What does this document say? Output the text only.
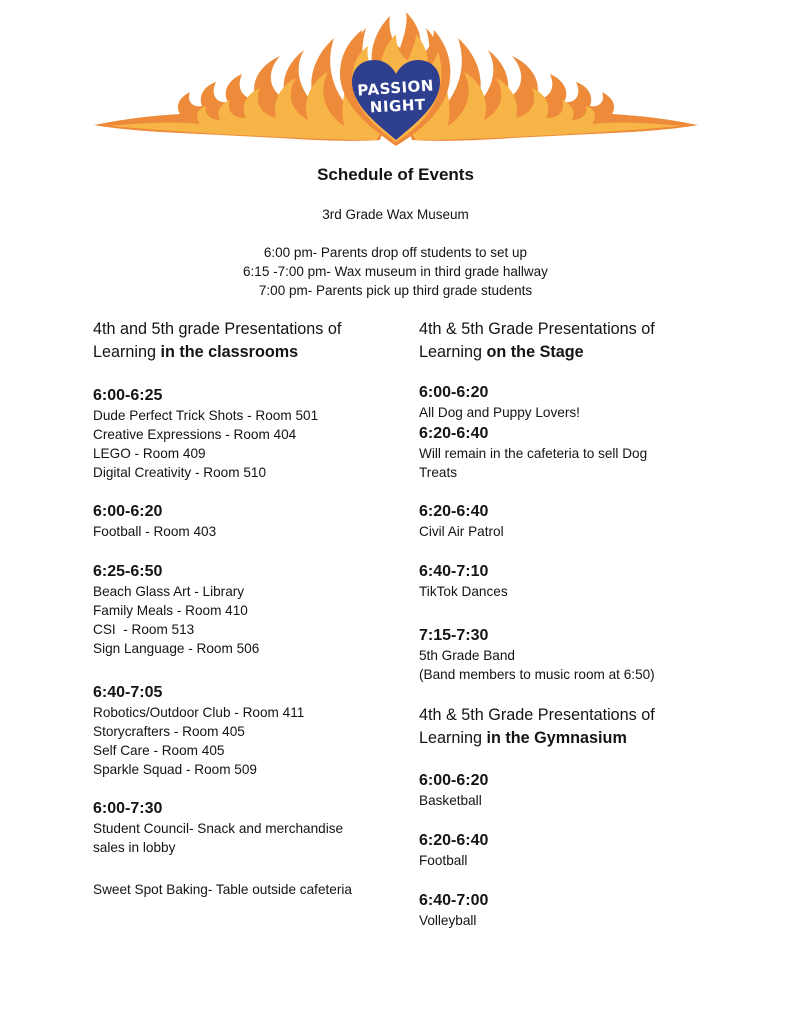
PASSION
NIGHT
Schedule of Events
3rd Grade Wax Museum
6:00 pm- Parents drop off students to set up
6:15 -7:00 pm- Wax museum in third grade hallway
7:00 pm- Parents pick up third grade students

4th and 5th grade Presentations of
Learning in the classrooms

6:00-6:25

Dude Perfect Trick Shots - Room 501

Creative Expressions - Room 404

LEGO - Room 409

Digital Creativity - Room 510

6:00-6:20

Football - Room 403

6:25-6:50

Beach Glass Art - Library

Family Meals - Room 410

CSI  - Room 513

Sign Language - Room 506

6:40-7:05

Robotics/Outdoor Club - Room 411

Storycrafters - Room 405

Self Care - Room 405

Sparkle Squad - Room 509

6:00-7:30

Student Council- Snack and merchandise

sales in lobby

Sweet Spot Baking- Table outside cafeteria

4th & 5th Grade Presentations of
Learning on the Stage

6:00-6:20

All Dog and Puppy Lovers!

6:20-6:40

Will remain in the cafeteria to sell Dog

Treats

6:20-6:40

Civil Air Patrol

6:40-7:10

TikTok Dances

7:15-7:30

5th Grade Band

(Band members to music room at 6:50)

4th & 5th Grade Presentations of
Learning in the Gymnasium

6:00-6:20

Basketball

6:20-6:40

Football

6:40-7:00

Volleyball
